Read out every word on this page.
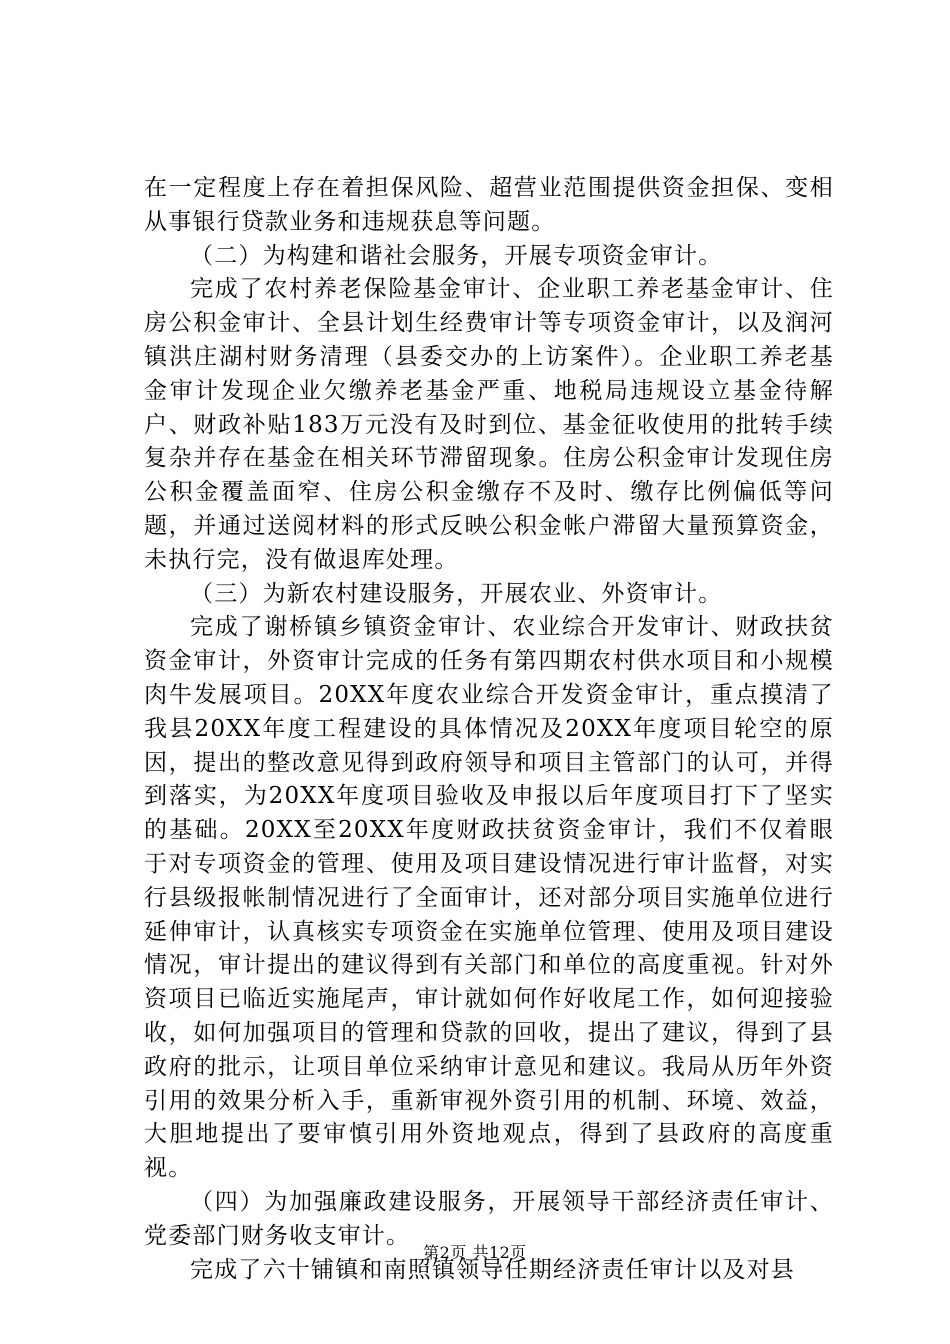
在一定程度上存在着担保风险、超营业范围提供资金担保、变相从事银行贷款业务和违规获息等问题。

（二）为构建和谐社会服务，开展专项资金审计。

完成了农村养老保险基金审计、企业职工养老基金审计、住房公积金审计、全县计划生经费审计等专项资金审计，以及润河镇洪庄湖村财务清理（县委交办的上访案件）。企业职工养老基金审计发现企业欠缴养老基金严重、地税局违规设立基金待解户、财政补贴183万元没有及时到位、基金征收使用的批转手续复杂并存在基金在相关环节滞留现象。住房公积金审计发现住房公积金覆盖面窄、住房公积金缴存不及时、缴存比例偏低等问题，并通过送阅材料的形式反映公积金帐户滞留大量预算资金，未执行完，没有做退库处理。

（三）为新农村建设服务，开展农业、外资审计。

完成了谢桥镇乡镇资金审计、农业综合开发审计、财政扶贫资金审计，外资审计完成的任务有第四期农村供水项目和小规模肉牛发展项目。20XX年度农业综合开发资金审计，重点摸清了我县20XX年度工程建设的具体情况及20XX年度项目轮空的原因，提出的整改意见得到政府领导和项目主管部门的认可，并得到落实，为20XX年度项目验收及申报以后年度项目打下了坚实的基础。20XX至20XX年度财政扶贫资金审计，我们不仅着眼于对专项资金的管理、使用及项目建设情况进行审计监督，对实行县级报帐制情况进行了全面审计，还对部分项目实施单位进行延伸审计，认真核实专项资金在实施单位管理、使用及项目建设情况，审计提出的建议得到有关部门和单位的高度重视。针对外资项目已临近实施尾声，审计就如何作好收尾工作，如何迎接验收，如何加强项目的管理和贷款的回收，提出了建议，得到了县政府的批示，让项目单位采纳审计意见和建议。我局从历年外资引用的效果分析入手，重新审视外资引用的机制、环境、效益，大胆地提出了要审慎引用外资地观点，得到了县政府的高度重视。

（四）为加强廉政建设服务，开展领导干部经济责任审计、党委部门财务收支审计。

完成了六十铺镇和南照镇领导任期经济责任审计以及对县

第2页 共12页
